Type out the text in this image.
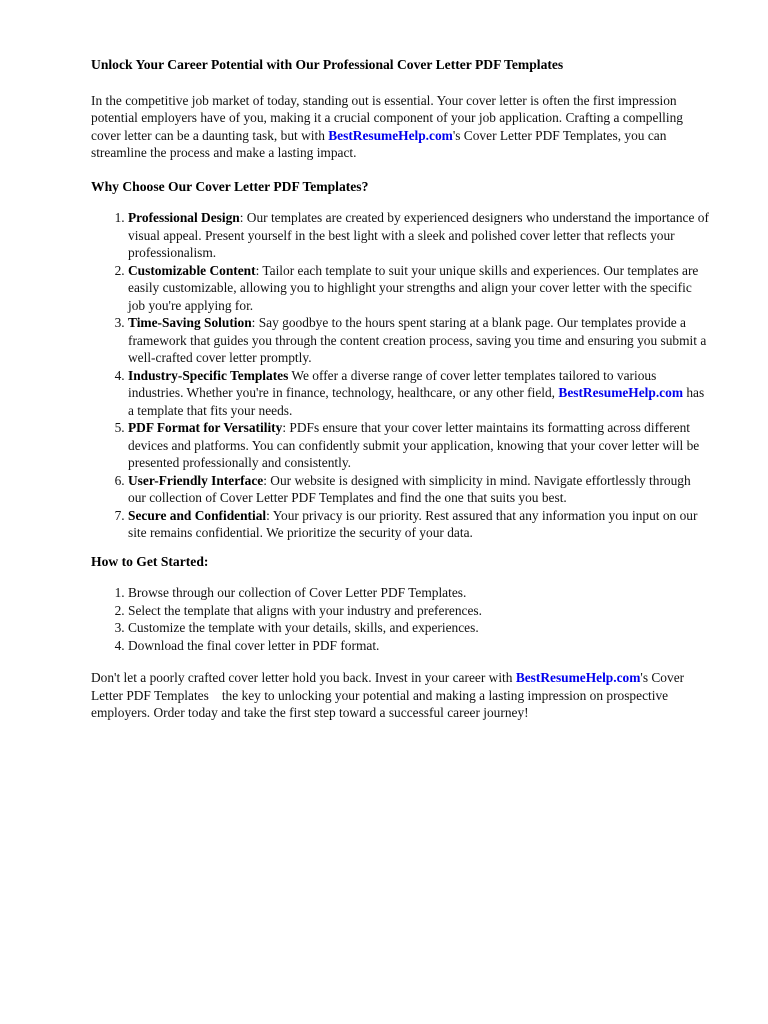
Unlock Your Career Potential with Our Professional Cover Letter PDF Templates

In the competitive job market of today, standing out is essential. Your cover letter is often the first impression potential employers have of you, making it a crucial component of your job application. Crafting a compelling cover letter can be a daunting task, but with BestResumeHelp.com's Cover Letter PDF Templates, you can streamline the process and make a lasting impact.

Why Choose Our Cover Letter PDF Templates?
1. Professional Design: Our templates are created by experienced designers who understand the importance of visual appeal. Present yourself in the best light with a sleek and polished cover letter that reflects your professionalism.
2. Customizable Content: Tailor each template to suit your unique skills and experiences. Our templates are easily customizable, allowing you to highlight your strengths and align your cover letter with the specific job you're applying for.
3. Time-Saving Solution: Say goodbye to the hours spent staring at a blank page. Our templates provide a framework that guides you through the content creation process, saving you time and ensuring you submit a well-crafted cover letter promptly.
4. Industry-Specific Templates We offer a diverse range of cover letter templates tailored to various industries. Whether you're in finance, technology, healthcare, or any other field, BestResumeHelp.com has a template that fits your needs.
5. PDF Format for Versatility: PDFs ensure that your cover letter maintains its formatting across different devices and platforms. You can confidently submit your application, knowing that your cover letter will be presented professionally and consistently.
6. User-Friendly Interface: Our website is designed with simplicity in mind. Navigate effortlessly through our collection of Cover Letter PDF Templates and find the one that suits you best.
7. Secure and Confidential: Your privacy is our priority. Rest assured that any information you input on our site remains confidential. We prioritize the security of your data.
How to Get Started:
1. Browse through our collection of Cover Letter PDF Templates.
2. Select the template that aligns with your industry and preferences.
3. Customize the template with your details, skills, and experiences.
4. Download the final cover letter in PDF format.

Don't let a poorly crafted cover letter hold you back. Invest in your career with BestResumeHelp.com's Cover Letter PDF Templates the key to unlocking your potential and making a lasting impression on prospective employers. Order today and take the first step toward a successful career journey!
